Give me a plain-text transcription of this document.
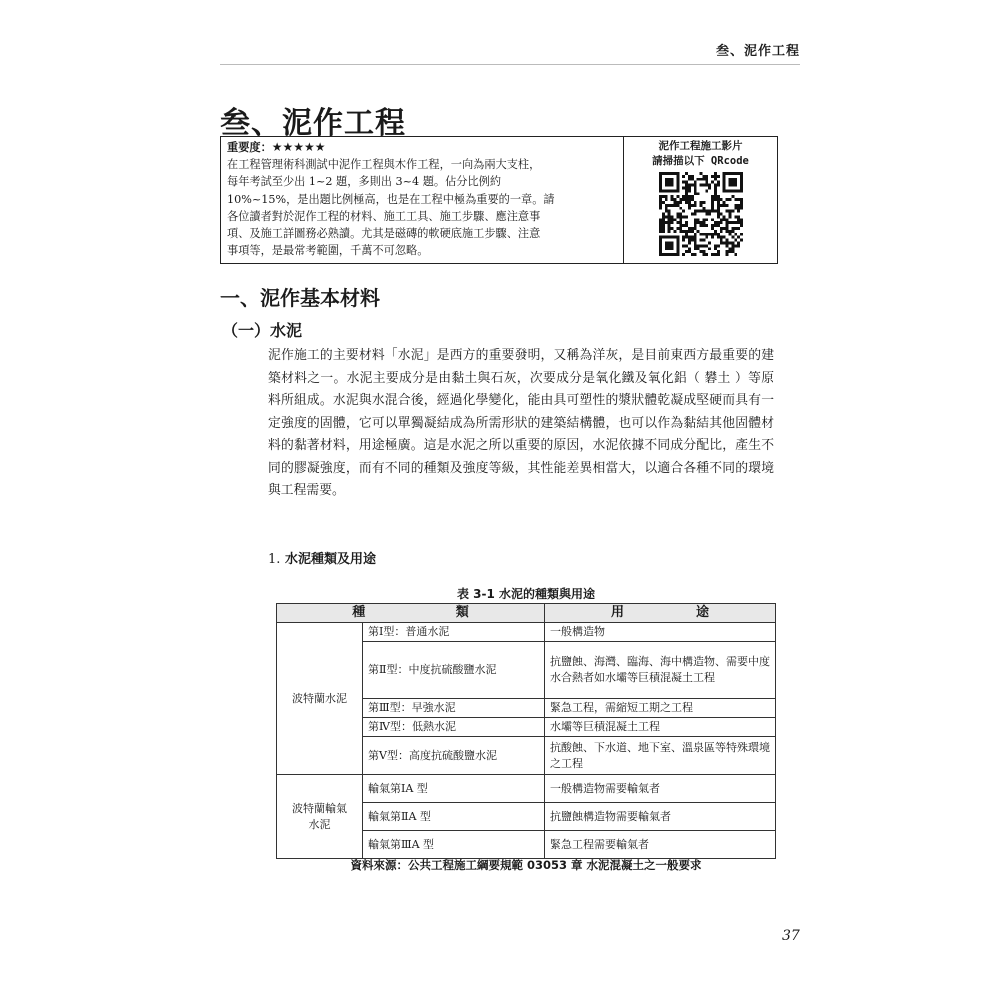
叁、泥作工程
叁、泥作工程
重要度：★★★★★
在工程管理術科測試中泥作工程與木作工程，一向為兩大支柱，
每年考試至少出 1~2 題，多則出 3~4 題。佔分比例約
10%~15%，是出題比例極高，也是在工程中極為重要的一章。請
各位讀者對於泥作工程的材料、施工工具、施工步驟、應注意事
項、及施工詳圖務必熟讀。尤其是磁磚的軟硬底施工步驟、注意
事項等，是最常考範圍，千萬不可忽略。
泥作工程施工影片
請掃描以下 QRcode
一、泥作基本材料
（一）水泥

泥作施工的主要材料「水泥」是西方的重要發明，又稱為洋灰，是目前東西方最重要的建築材料之一。水泥主要成分是由黏土與石灰，次要成分是氧化鐵及氧化鋁（ 礬土 ）等原料所組成。水泥與水混合後，經過化學變化，能由具可塑性的漿狀體乾凝成堅硬而具有一定強度的固體，它可以單獨凝結成為所需形狀的建築結構體，也可以作為黏結其他固體材料的黏著材料，用途極廣。這是水泥之所以重要的原因，水泥依據不同成分配比，產生不同的膠凝強度，而有不同的種類及強度等級，其性能差異相當大，以適合各種不同的環境與工程需要。

1. 水泥種類及用途
表 3-1 水泥的種類與用途
種 類		用 途

波特蘭水泥	第Ⅰ型：普通水泥	一般構造物
	第Ⅱ型：中度抗硫酸鹽水泥	抗鹽蝕、海灣、臨海、海中構造物、需要中度水合熱者如水壩等巨積混凝土工程
	第Ⅲ型：早強水泥	緊急工程，需縮短工期之工程
	第Ⅳ型：低熱水泥	水壩等巨積混凝土工程
	第Ⅴ型：高度抗硫酸鹽水泥	抗酸蝕、下水道、地下室、溫泉區等特殊環境之工程

波特蘭輸氣
水泥	輸氣第ⅠA 型	一般構造物需要輸氣者
	輸氣第ⅡA 型	抗鹽蝕構造物需要輸氣者
	輸氣第ⅢA 型	緊急工程需要輸氣者
資料來源：公共工程施工綱要規範 03053 章 水泥混凝土之一般要求
37
